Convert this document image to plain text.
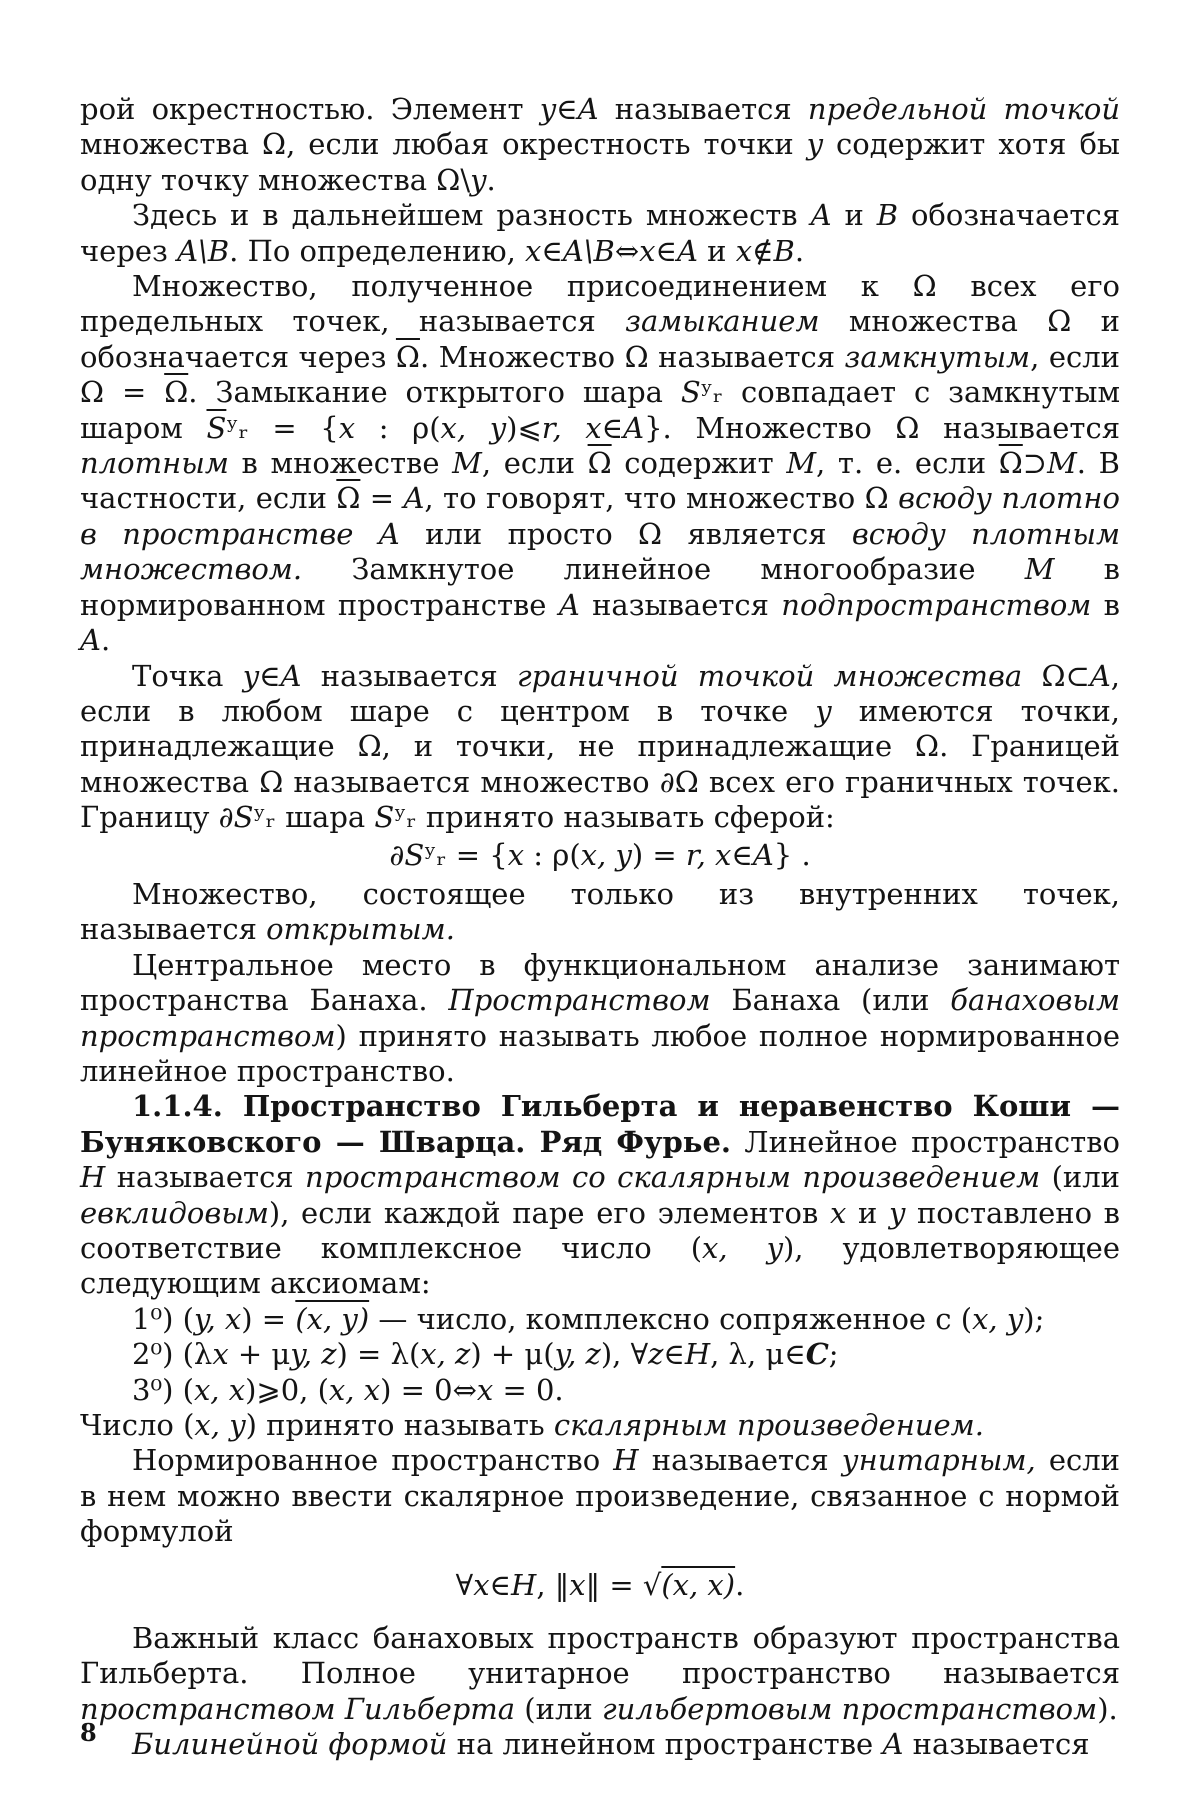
рой окрестностью. Элемент y∈A называется предельной точкой множества Ω, если любая окрестность точки y содержит хотя бы одну точку множества Ω\y.

Здесь и в дальнейшем разность множеств A и B обозначается через A\B. По определению, x∈A\B⇔x∈A и x∉B.

Множество, полученное присоединением к Ω всех его предельных точек, называется замыканием множества Ω и обозначается через $\overline{\Omega}$. Множество Ω называется замкнутым, если $\Omega = \overline{\Omega}$. Замыкание открытого шара Sʸᵣ совпадает с замкнутым шаром $\overline{S}ʸᵣ = \{x$ : ρ(x, y)⩽r, x∈A}. Множество Ω называется плотным в множестве M, если $\overline{\Omega}$ содержит M, т. е. если $\overline{\Omega}⊃M$. В частности, если $\overline{\Omega} = A$, то говорят, что множество Ω всюду плотно в пространстве A или просто Ω является всюду плотным множеством. Замкнутое линейное многообразие M в нормированном пространстве A называется подпространством в A.

Точка y∈A называется граничной точкой множества Ω⊂A, если в любом шаре с центром в точке y имеются точки, принадлежащие Ω, и точки, не принадлежащие Ω. Границей множества Ω называется множество ∂Ω всех его граничных точек. Границу ∂Sʸᵣ шара Sʸᵣ принято называть сферой:

∂Sʸᵣ = {x : ρ(x, y) = r, x∈A} .

Множество, состоящее только из внутренних точек, называется открытым.

Центральное место в функциональном анализе занимают пространства Банаха. Пространством Банаха (или банаховым пространством) принято называть любое полное нормированное линейное пространство.

1.1.4. Пространство Гильберта и неравенство Коши — Буняковского — Шварца. Ряд Фурье. Линейное пространство H называется пространством со скалярным произведением (или евклидовым), если каждой паре его элементов x и y поставлено в соответствие комплексное число (x, y), удовлетворяющее следующим аксиомам:

1⁰) (y, x) = (x, y) — число, комплексно сопряженное с (x, y);

2⁰) (λx + μy, z) = λ(x, z) + μ(y, z), ∀z∈H, λ, μ∈C;

3⁰) (x, x)⩾0, (x, x) = 0⇔x = 0.

Число (x, y) принято называть скалярным произведением.

Нормированное пространство H называется унитарным, если в нем можно ввести скалярное произведение, связанное с нормой формулой

∀x∈H, ‖x‖ = √(x, x).

Важный класс банаховых пространств образуют пространства Гильберта. Полное унитарное пространство называется пространством Гильберта (или гильбертовым пространством).

Билинейной формой на линейном пространстве A называется

8
